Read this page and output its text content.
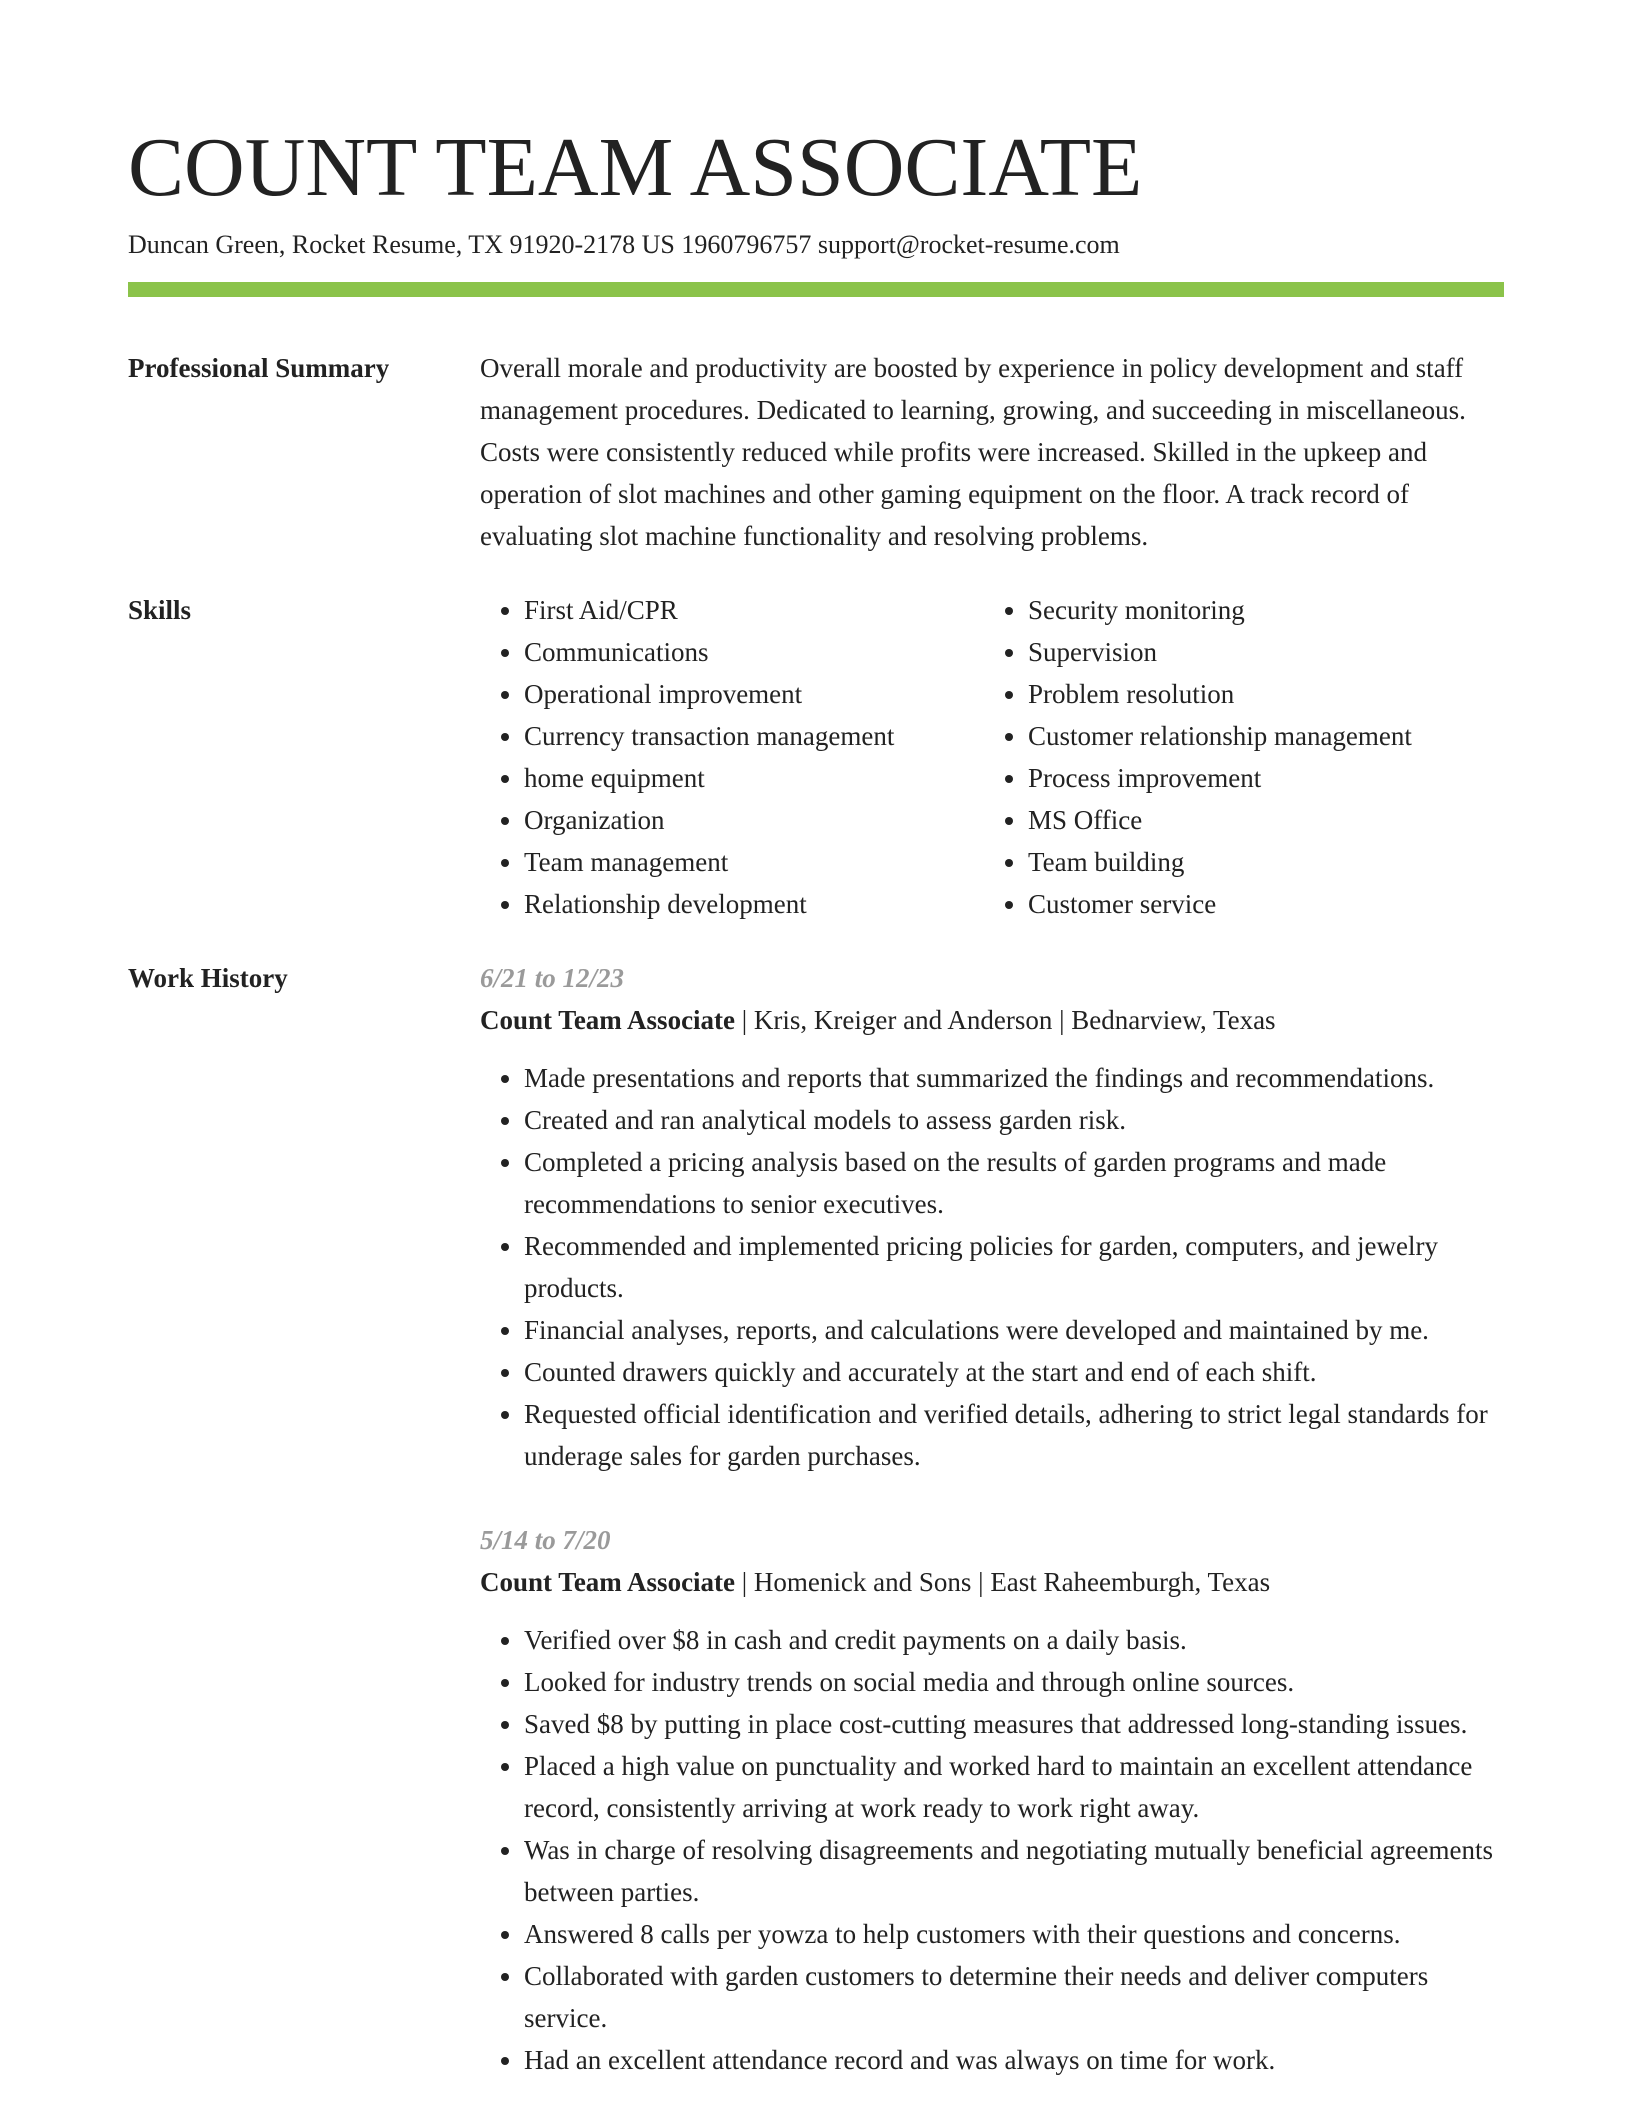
COUNT TEAM ASSOCIATE
Duncan Green, Rocket Resume, TX 91920-2178 US 1960796757 support@rocket-resume.com
Professional Summary	Overall morale and productivity are boosted by experience in policy development and staff management procedures. Dedicated to learning, growing, and succeeding in miscellaneous. Costs were consistently reduced while profits were increased. Skilled in the upkeep and operation of slot machines and other gaming equipment on the floor. A track record of evaluating slot machine functionality and resolving problems.

Skills
•	First Aid/CPR
• Communications
• Operational improvement
• Currency transaction management
• home equipment
• Organization
• Team management
• Relationship development
• Security monitoring
• Supervision
• Problem resolution
• Customer relationship management
• Process improvement
• MS Office
• Team building
• Customer service
Work History	6/21 to 12/23
Count Team Associate | Kris, Kreiger and Anderson | Bednarview, Texas
• Made presentations and reports that summarized the findings and recommendations.
• Created and ran analytical models to assess garden risk.
• Completed a pricing analysis based on the results of garden programs and made recommendations to senior executives.
• Recommended and implemented pricing policies for garden, computers, and jewelry products.
• Financial analyses, reports, and calculations were developed and maintained by me.
• Counted drawers quickly and accurately at the start and end of each shift.
• Requested official identification and verified details, adhering to strict legal standards for underage sales for garden purchases.
5/14 to 7/20
Count Team Associate | Homenick and Sons | East Raheemburgh, Texas
• Verified over $8 in cash and credit payments on a daily basis.
• Looked for industry trends on social media and through online sources.
• Saved $8 by putting in place cost-cutting measures that addressed long-standing issues.
• Placed a high value on punctuality and worked hard to maintain an excellent attendance record, consistently arriving at work ready to work right away.
• Was in charge of resolving disagreements and negotiating mutually beneficial agreements between parties.
• Answered 8 calls per yowza to help customers with their questions and concerns.
• Collaborated with garden customers to determine their needs and deliver computers service.
• Had an excellent attendance record and was always on time for work.
